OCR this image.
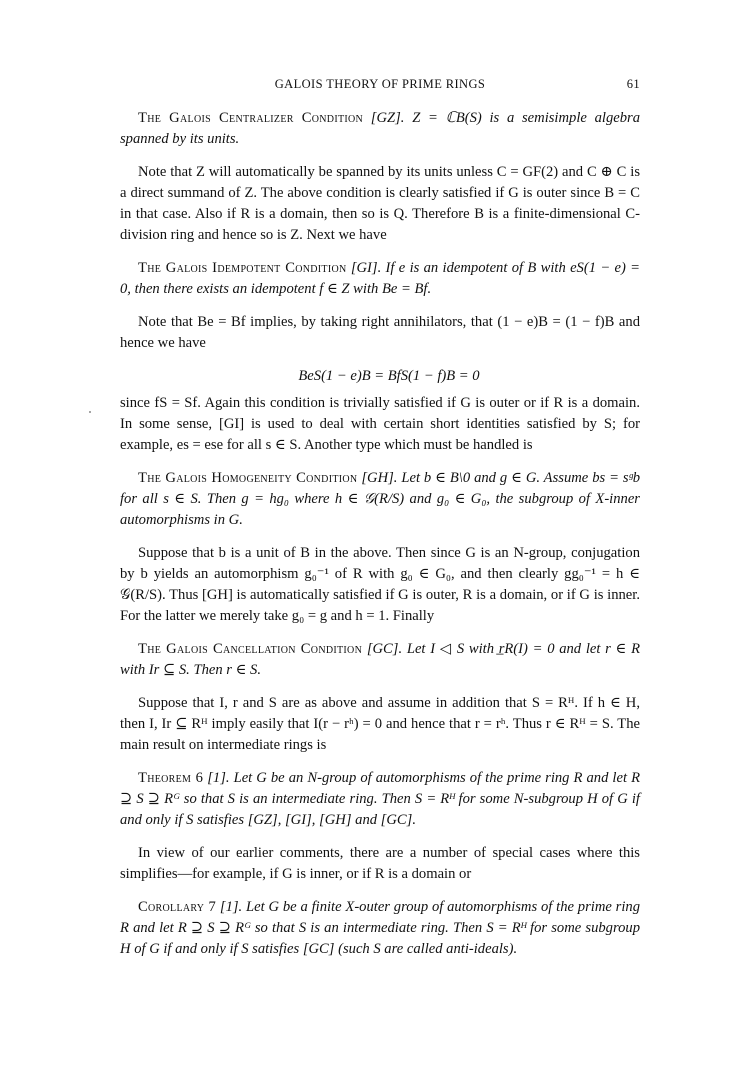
GALOIS THEORY OF PRIME RINGS	61

The Galois Centralizer Condition [GZ]. Z = ℂB(S) is a semisimple algebra spanned by its units.

Note that Z will automatically be spanned by its units unless C = GF(2) and C ⊕ C is a direct summand of Z. The above condition is clearly satisfied if G is outer since B = C in that case. Also if R is a domain, then so is Q. Therefore B is a finite-dimensional C-division ring and hence so is Z. Next we have

The Galois Idempotent Condition [GI]. If e is an idempotent of B with eS(1 − e) = 0, then there exists an idempotent f ∈ Z with Be = Bf.

Note that Be = Bf implies, by taking right annihilators, that (1 − e)B = (1 − f)B and hence we have

BeS(1 − e)B = BfS(1 − f)B = 0

since fS = Sf. Again this condition is trivially satisfied if G is outer or if R is a domain. In some sense, [GI] is used to deal with certain short identities satisfied by S; for example, es = ese for all s ∈ S. Another type which must be handled is

The Galois Homogeneity Condition [GH]. Let b ∈ B\0 and g ∈ G. Assume bs = sᵍb for all s ∈ S. Then g = hg₀ where h ∈ 𝒢(R/S) and g₀ ∈ G₀, the subgroup of X-inner automorphisms in G.

Suppose that b is a unit of B in the above. Then since G is an N-group, conjugation by b yields an automorphism g₀⁻¹ of R with g₀ ∈ G₀, and then clearly gg₀⁻¹ = h ∈ 𝒢(R/S). Thus [GH] is automatically satisfied if G is outer, R is a domain, or if G is inner. For the latter we merely take g₀ = g and h = 1. Finally

The Galois Cancellation Condition [GC]. Let I ◁ S with r̲R(I) = 0 and let r ∈ R with Ir ⊆ S. Then r ∈ S.

Suppose that I, r and S are as above and assume in addition that S = Rᴴ. If h ∈ H, then I, Ir ⊆ Rᴴ imply easily that I(r − rʰ) = 0 and hence that r = rʰ. Thus r ∈ Rᴴ = S. The main result on intermediate rings is

Theorem 6 [1]. Let G be an N-group of automorphisms of the prime ring R and let R ⊇ S ⊇ Rᴳ so that S is an intermediate ring. Then S = Rᴴ for some N-subgroup H of G if and only if S satisfies [GZ], [GI], [GH] and [GC].

In view of our earlier comments, there are a number of special cases where this simplifies—for example, if G is inner, or if R is a domain or

Corollary 7 [1]. Let G be a finite X-outer group of automorphisms of the prime ring R and let R ⊇ S ⊇ Rᴳ so that S is an intermediate ring. Then S = Rᴴ for some subgroup H of G if and only if S satisfies [GC] (such S are called anti-ideals).
